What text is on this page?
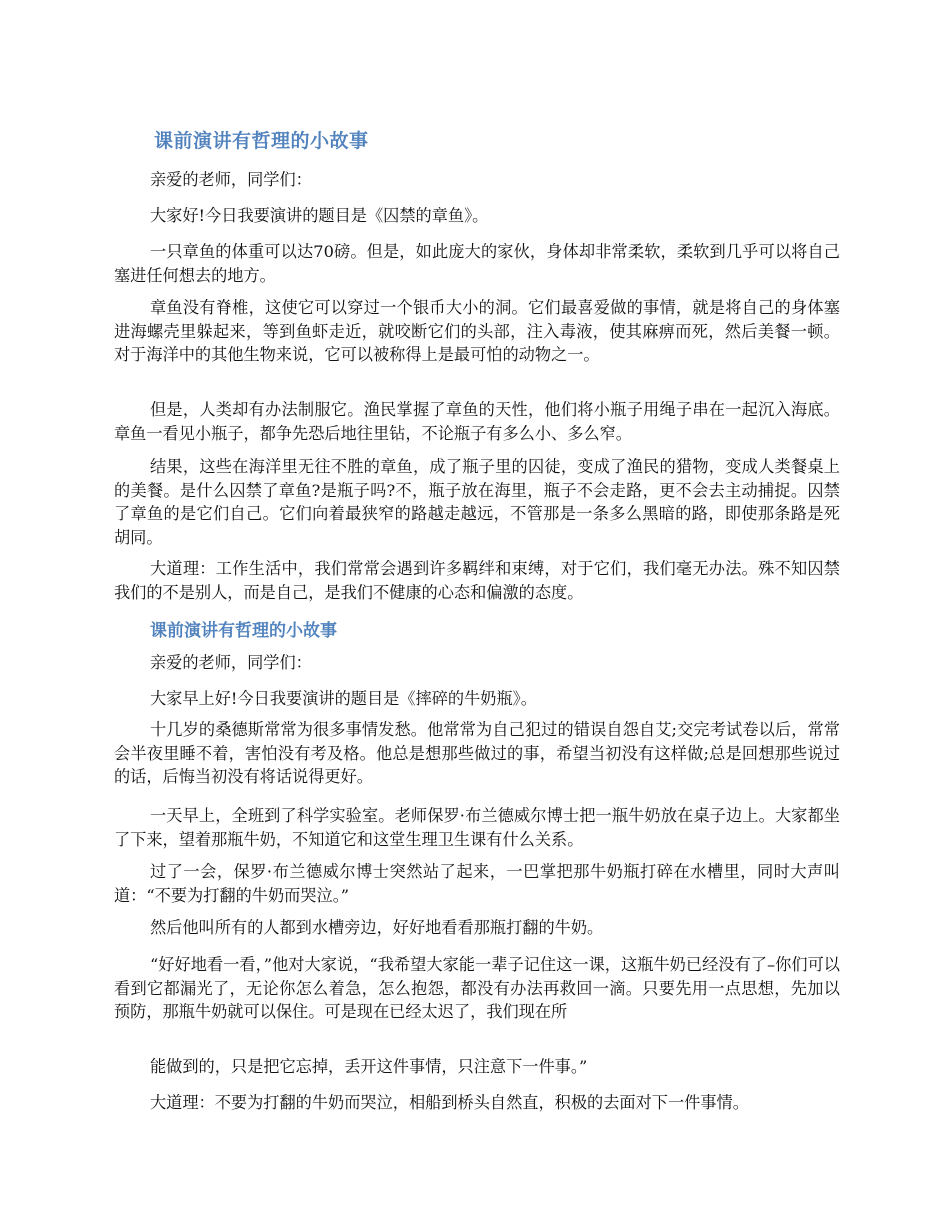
课前演讲有哲理的小故事
亲爱的老师，同学们：
大家好!今日我要演讲的题目是《囚禁的章鱼》。
一只章鱼的体重可以达70磅。但是，如此庞大的家伙，身体却非常柔软，柔软到几乎可以将自己塞进任何想去的地方。
章鱼没有脊椎，这使它可以穿过一个银币大小的洞。它们最喜爱做的事情，就是将自己的身体塞进海螺壳里躲起来，等到鱼虾走近，就咬断它们的头部，注入毒液，使其麻痹而死，然后美餐一顿。对于海洋中的其他生物来说，它可以被称得上是最可怕的动物之一。
但是，人类却有办法制服它。渔民掌握了章鱼的天性，他们将小瓶子用绳子串在一起沉入海底。章鱼一看见小瓶子，都争先恐后地往里钻，不论瓶子有多么小、多么窄。
结果，这些在海洋里无往不胜的章鱼，成了瓶子里的囚徒，变成了渔民的猎物，变成人类餐桌上的美餐。是什么囚禁了章鱼?是瓶子吗?不，瓶子放在海里，瓶子不会走路，更不会去主动捕捉。囚禁了章鱼的是它们自己。它们向着最狭窄的路越走越远，不管那是一条多么黑暗的路，即使那条路是死胡同。
大道理：工作生活中，我们常常会遇到许多羁绊和束缚，对于它们，我们毫无办法。殊不知囚禁我们的不是别人，而是自己，是我们不健康的心态和偏激的态度。
课前演讲有哲理的小故事
亲爱的老师，同学们：
大家早上好!今日我要演讲的题目是《摔碎的牛奶瓶》。
十几岁的桑德斯常常为很多事情发愁。他常常为自己犯过的错误自怨自艾;交完考试卷以后，常常会半夜里睡不着，害怕没有考及格。他总是想那些做过的事，希望当初没有这样做;总是回想那些说过的话，后悔当初没有将话说得更好。
一天早上，全班到了科学实验室。老师保罗·布兰德威尔博士把一瓶牛奶放在桌子边上。大家都坐了下来，望着那瓶牛奶，不知道它和这堂生理卫生课有什么关系。
过了一会，保罗·布兰德威尔博士突然站了起来，一巴掌把那牛奶瓶打碎在水槽里，同时大声叫道：“不要为打翻的牛奶而哭泣。”
然后他叫所有的人都到水槽旁边，好好地看看那瓶打翻的牛奶。
“好好地看一看，”他对大家说，“我希望大家能一辈子记住这一课，这瓶牛奶已经没有了–你们可以看到它都漏光了，无论你怎么着急，怎么抱怨，都没有办法再救回一滴。只要先用一点思想，先加以预防，那瓶牛奶就可以保住。可是现在已经太迟了，我们现在所
能做到的，只是把它忘掉，丢开这件事情，只注意下一件事。”
大道理：不要为打翻的牛奶而哭泣，相船到桥头自然直，积极的去面对下一件事情。
